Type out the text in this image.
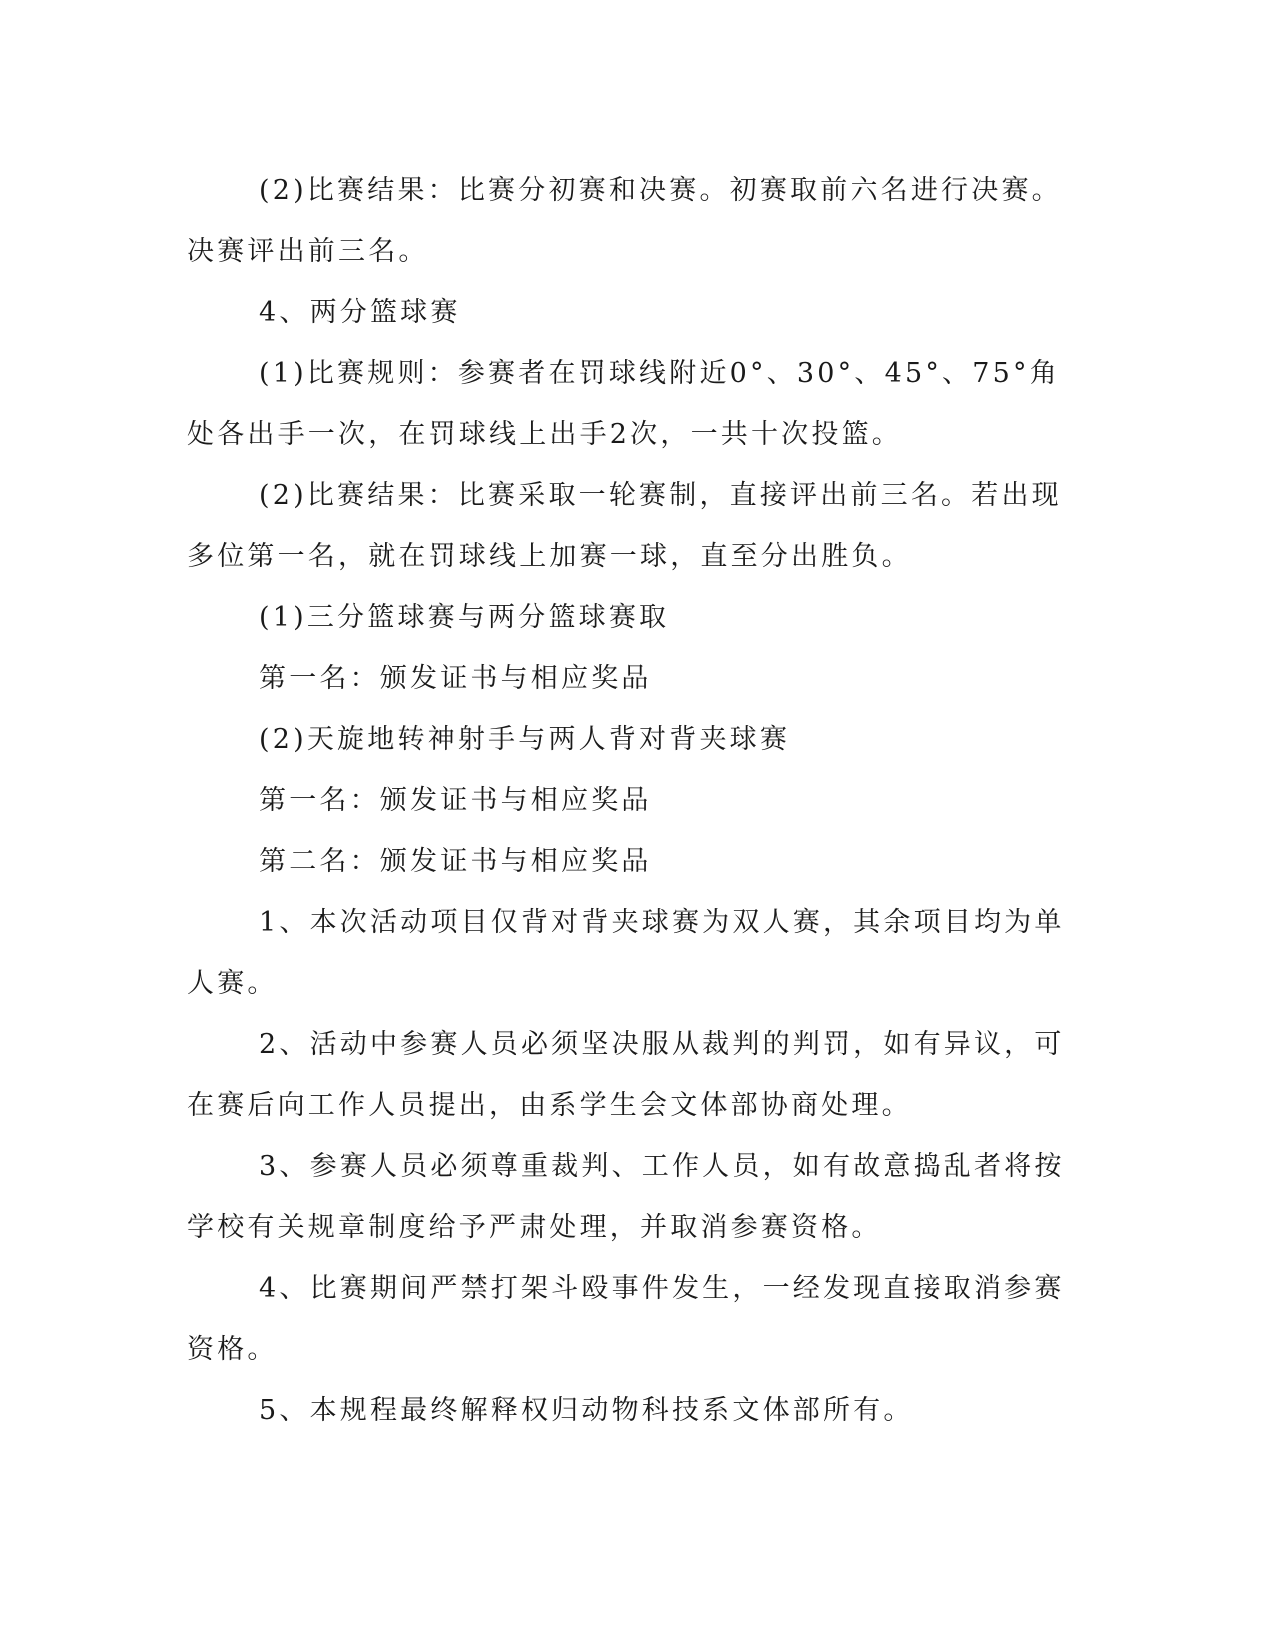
(2)比赛结果：比赛分初赛和决赛。初赛取前六名进行决赛。决赛评出前三名。

4、两分篮球赛

(1)比赛规则：参赛者在罚球线附近0°、30°、45°、75°角处各出手一次，在罚球线上出手2次，一共十次投篮。

(2)比赛结果：比赛采取一轮赛制，直接评出前三名。若出现多位第一名，就在罚球线上加赛一球，直至分出胜负。

(1)三分篮球赛与两分篮球赛取

第一名：颁发证书与相应奖品

(2)天旋地转神射手与两人背对背夹球赛

第一名：颁发证书与相应奖品

第二名：颁发证书与相应奖品

1、本次活动项目仅背对背夹球赛为双人赛，其余项目均为单人赛。

2、活动中参赛人员必须坚决服从裁判的判罚，如有异议，可在赛后向工作人员提出，由系学生会文体部协商处理。

3、参赛人员必须尊重裁判、工作人员，如有故意捣乱者将按学校有关规章制度给予严肃处理，并取消参赛资格。

4、比赛期间严禁打架斗殴事件发生，一经发现直接取消参赛资格。

5、本规程最终解释权归动物科技系文体部所有。
